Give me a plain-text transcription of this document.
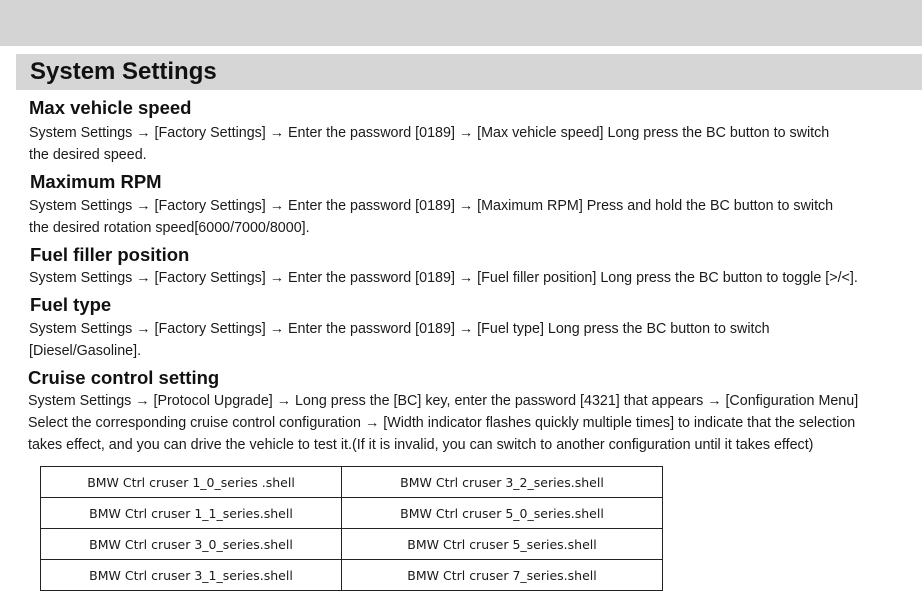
System Settings
Max vehicle speed
System Settings → [Factory Settings] → Enter the password [0189] → [Max vehicle speed] Long press the BC button to switch
the desired speed.
Maximum RPM
System Settings → [Factory Settings] → Enter the password [0189] → [Maximum RPM] Press and hold the BC button to switch
the desired rotation speed[6000/7000/8000].
Fuel filler position
System Settings → [Factory Settings] → Enter the password [0189] → [Fuel filler position] Long press the BC button to toggle [>/<].
Fuel type
System Settings → [Factory Settings] → Enter the password [0189] → [Fuel type] Long press the BC button to switch
[Diesel/Gasoline].
Cruise control setting
System Settings → [Protocol Upgrade] → Long press the [BC] key, enter the password [4321] that appears → [Configuration Menu]
Select the corresponding cruise control configuration → [Width indicator flashes quickly multiple times] to indicate that the selection
takes effect, and you can drive the vehicle to test it.(If it is invalid, you can switch to another configuration until it takes effect)
BMW Ctrl cruser 1_0_series .shell	BMW Ctrl cruser 3_2_series.shell
BMW Ctrl cruser 1_1_series.shell	BMW Ctrl cruser 5_0_series.shell
BMW Ctrl cruser 3_0_series.shell	BMW Ctrl cruser 5_series.shell
BMW Ctrl cruser 3_1_series.shell	BMW Ctrl cruser 7_series.shell
